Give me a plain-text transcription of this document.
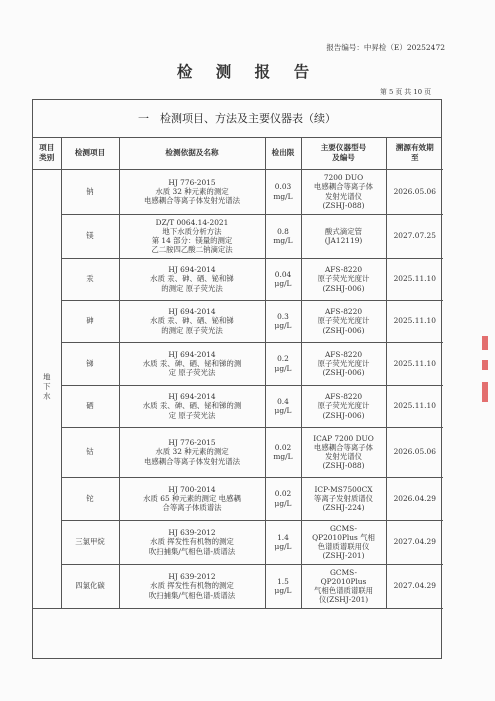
报告编号：中昇检（E）20252472
检 测 报 告
第 5 页 共 10 页
一　检测项目、方法及主要仪器表（续）
项目类别	检测项目	检测依据及名称	检出限	主要仪器型号及编号	溯源有效期至
地下水	钠	HJ 776-2015
水质 32 种元素的测定
电感耦合等离子体发射光谱法	0.03
mg/L	7200 DUO
电感耦合等离子体
发射光谱仪
(ZSHJ-088)	2026.05.06
	镁	DZ/T 0064.14-2021
地下水质分析方法
第 14 部分：镁量的测定
乙二胺四乙酸二钠滴定法	0.8
mg/L	酸式滴定管
(JA12119)	2027.07.25
	汞	HJ 694-2014
水质 汞、砷、硒、铋和锑
的测定 原子荧光法	0.04
μg/L	AFS-8220
原子荧光光度计
(ZSHJ-006)	2025.11.10
	砷	HJ 694-2014
水质 汞、砷、硒、铋和锑
的测定 原子荧光法	0.3
μg/L	AFS-8220
原子荧光光度计
(ZSHJ-006)	2025.11.10
	锑	HJ 694-2014
水质 汞、砷、硒、铋和锑的测
定 原子荧光法	0.2
μg/L	AFS-8220
原子荧光光度计
(ZSHJ-006)	2025.11.10
	硒	HJ 694-2014
水质 汞、砷、硒、铋和锑的测
定 原子荧光法	0.4
μg/L	AFS-8220
原子荧光光度计
(ZSHJ-006)	2025.11.10
	钴	HJ 776-2015
水质 32 种元素的测定
电感耦合等离子体发射光谱法	0.02
mg/L	ICAP 7200 DUO
电感耦合等离子体
发射光谱仪
(ZSHJ-088)	2026.05.06
	铊	HJ 700-2014
水质 65 种元素的测定 电感耦
合等离子体质谱法	0.02
μg/L	ICP-MS7500CX
等离子发射质谱仪
(ZSHJ-224)	2026.04.29
	三氯甲烷	HJ 639-2012
水质 挥发性有机物的测定
吹扫捕集/气相色谱-质谱法	1.4
μg/L	GCMS-
QP2010Plus 气相
色谱质谱联用仪
(ZSHJ-201)	2027.04.29
	四氯化碳	HJ 639-2012
水质 挥发性有机物的测定
吹扫捕集/气相色谱-质谱法	1.5
μg/L	GCMS-
QP2010Plus
气相色谱质谱联用
仪(ZSHJ-201)	2027.04.29
